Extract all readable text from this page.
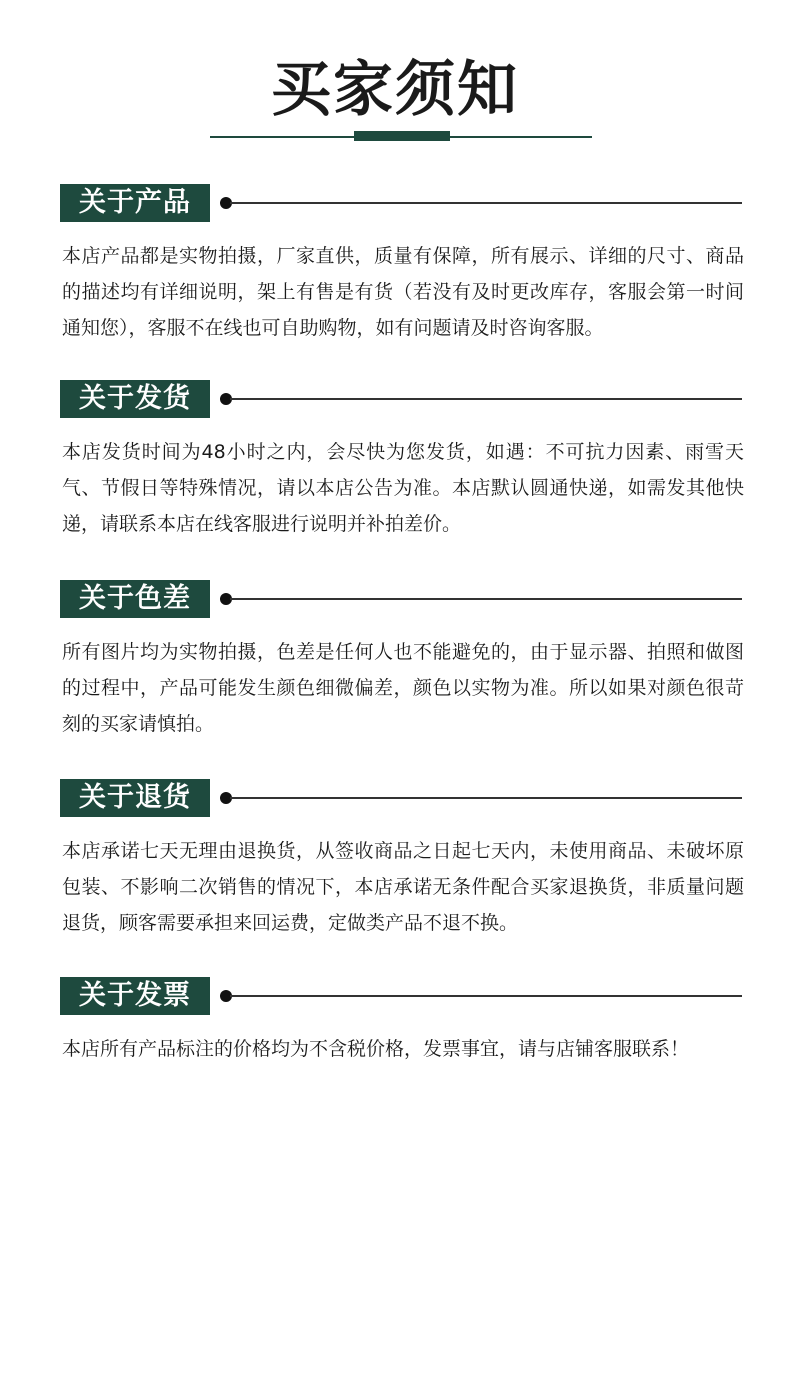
买家须知
关于产品

本店产品都是实物拍摄，厂家直供，质量有保障，所有展示、详细的尺寸、商品的描述均有详细说明，架上有售是有货（若没有及时更改库存，客服会第一时间通知您），客服不在线也可自助购物，如有问题请及时咨询客服。

关于发货

本店发货时间为48小时之内，会尽快为您发货，如遇：不可抗力因素、雨雪天气、节假日等特殊情况，请以本店公告为准。本店默认圆通快递，如需发其他快递，请联系本店在线客服进行说明并补拍差价。

关于色差

所有图片均为实物拍摄，色差是任何人也不能避免的，由于显示器、拍照和做图的过程中，产品可能发生颜色细微偏差，颜色以实物为准。所以如果对颜色很苛刻的买家请慎拍。

关于退货

本店承诺七天无理由退换货，从签收商品之日起七天内，未使用商品、未破坏原包装、不影响二次销售的情况下，本店承诺无条件配合买家退换货，非质量问题退货，顾客需要承担来回运费，定做类产品不退不换。

关于发票

本店所有产品标注的价格均为不含税价格，发票事宜，请与店铺客服联系！
